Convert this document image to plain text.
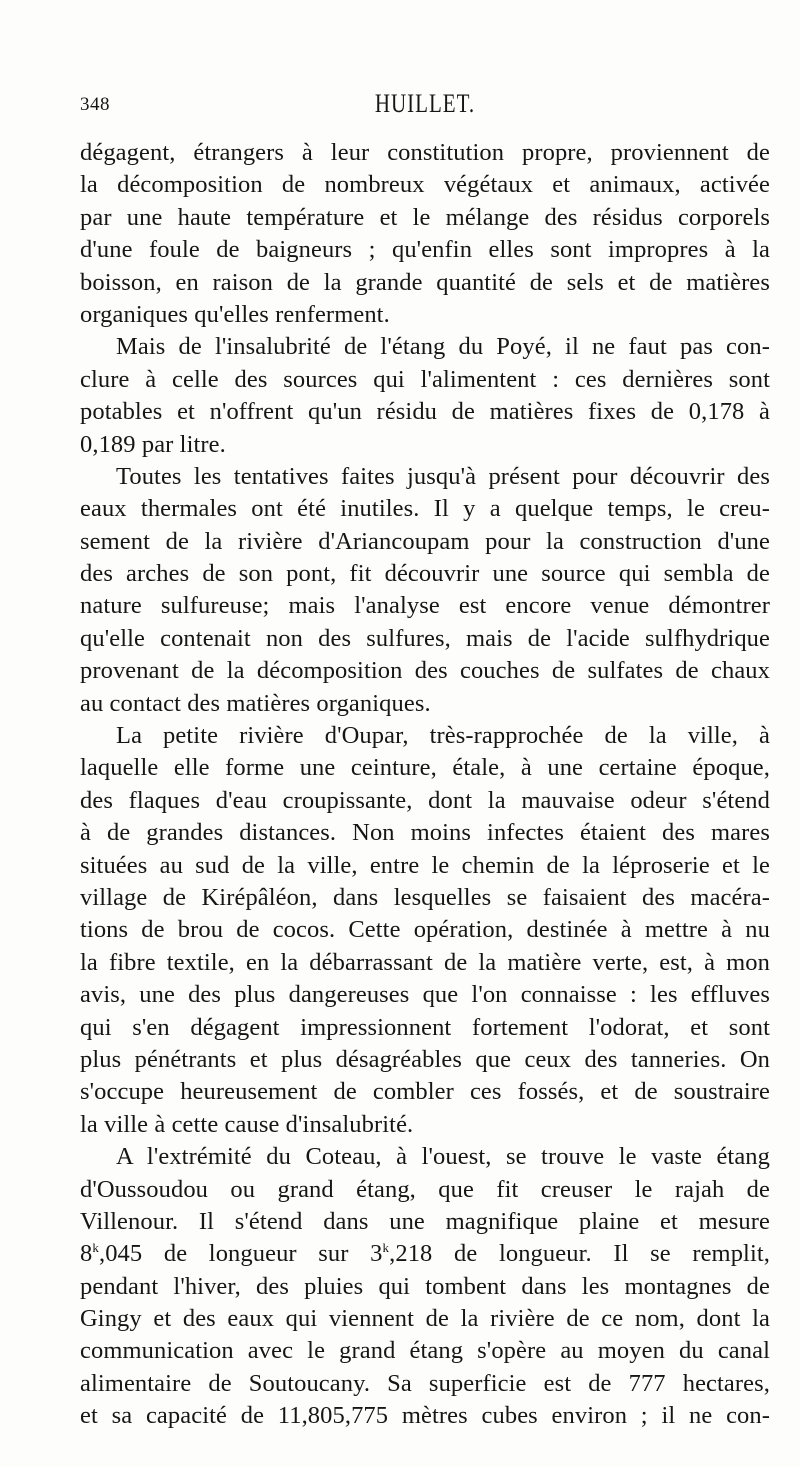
348	HUILLET.
dégagent, étrangers à leur constitution propre, proviennent de
la décomposition de nombreux végétaux et animaux, activée
par une haute température et le mélange des résidus corporels
d'une foule de baigneurs ; qu'enfin elles sont impropres à la
boisson, en raison de la grande quantité de sels et de matières
organiques qu'elles renferment.
Mais de l'insalubrité de l'étang du Poyé, il ne faut pas con-
clure à celle des sources qui l'alimentent : ces dernières sont
potables et n'offrent qu'un résidu de matières fixes de 0,178 à
0,189 par litre.
Toutes les tentatives faites jusqu'à présent pour découvrir des
eaux thermales ont été inutiles. Il y a quelque temps, le creu-
sement de la rivière d'Ariancoupam pour la construction d'une
des arches de son pont, fit découvrir une source qui sembla de
nature sulfureuse; mais l'analyse est encore venue démontrer
qu'elle contenait non des sulfures, mais de l'acide sulfhydrique
provenant de la décomposition des couches de sulfates de chaux
au contact des matières organiques.
La petite rivière d'Oupar, très-rapprochée de la ville, à
laquelle elle forme une ceinture, étale, à une certaine époque,
des flaques d'eau croupissante, dont la mauvaise odeur s'étend
à de grandes distances. Non moins infectes étaient des mares
situées au sud de la ville, entre le chemin de la léproserie et le
village de Kirépâléon, dans lesquelles se faisaient des macéra-
tions de brou de cocos. Cette opération, destinée à mettre à nu
la fibre textile, en la débarrassant de la matière verte, est, à mon
avis, une des plus dangereuses que l'on connaisse : les effluves
qui s'en dégagent impressionnent fortement l'odorat, et sont
plus pénétrants et plus désagréables que ceux des tanneries. On
s'occupe heureusement de combler ces fossés, et de soustraire
la ville à cette cause d'insalubrité.
A l'extrémité du Coteau, à l'ouest, se trouve le vaste étang
d'Oussoudou ou grand étang, que fit creuser le rajah de
Villenour. Il s'étend dans une magnifique plaine et mesure
8$^k$,045 de longueur sur 3$^k$,218 de longueur. Il se remplit,
pendant l'hiver, des pluies qui tombent dans les montagnes de
Gingy et des eaux qui viennent de la rivière de ce nom, dont la
communication avec le grand étang s'opère au moyen du canal
alimentaire de Soutoucany. Sa superficie est de 777 hectares,
et sa capacité de 11,805,775 mètres cubes environ ; il ne con-
